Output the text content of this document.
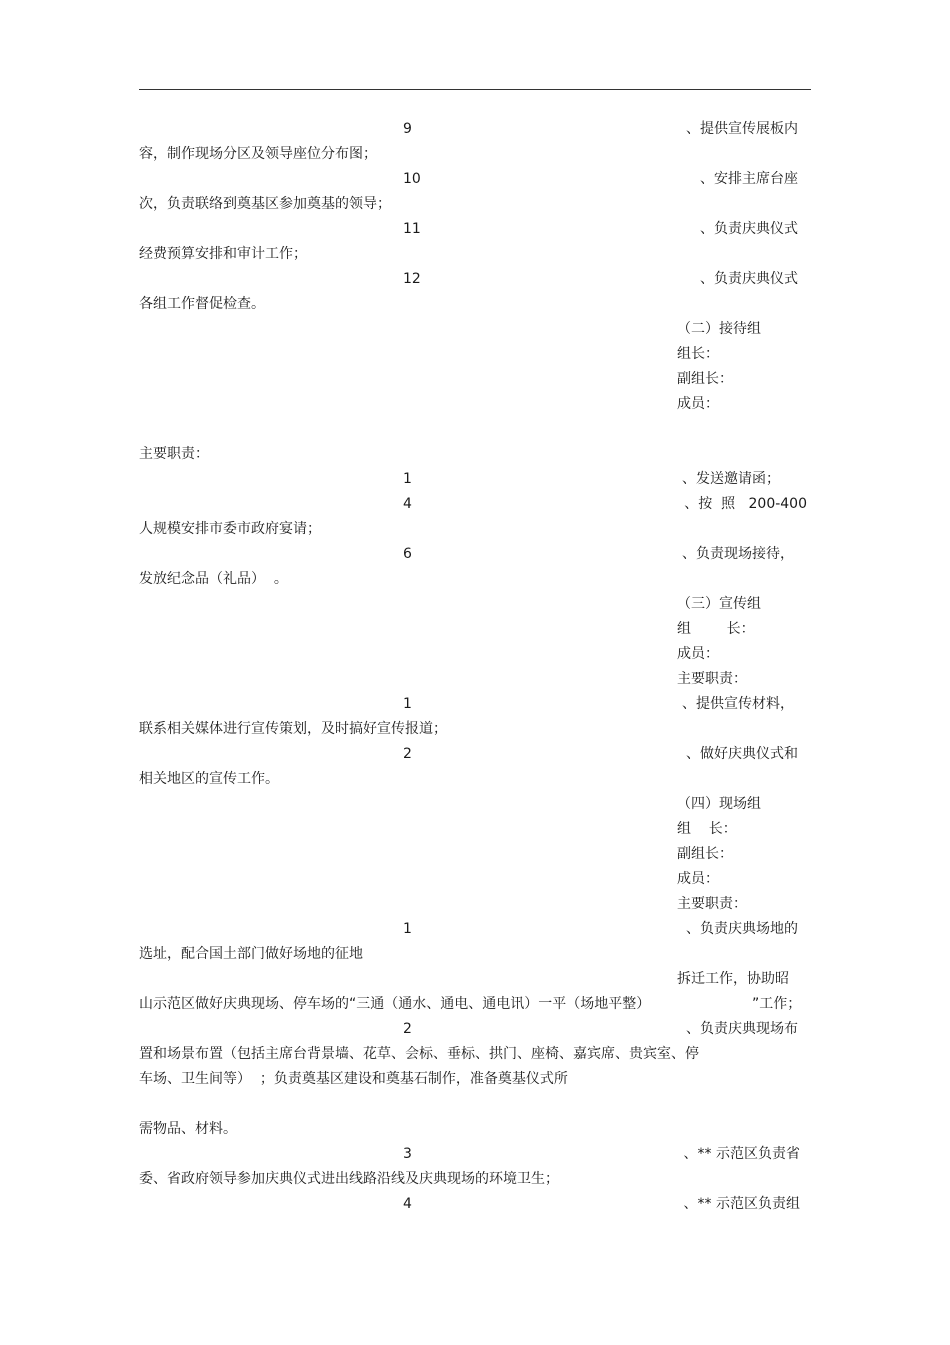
9	、提供宣传展板内
容，制作现场分区及领导座位分布图；
10	、安排主席台座
次，负责联络到奠基区参加奠基的领导；
11	、负责庆典仪式
经费预算安排和审计工作；
12	、负责庆典仪式
各组工作督促检查。
（二）接待组
组长：
副组长：
成员：
主要职责：
1	、发送邀请函；
4	、按  照   200-400
人规模安排市委市政府宴请；
6	、负责现场接待，
发放纪念品（礼品）  。
（三）宣传组
组        长：
成员：
主要职责：
1	、提供宣传材料，
联系相关媒体进行宣传策划，及时搞好宣传报道；
2	、做好庆典仪式和
相关地区的宣传工作。
（四）现场组
组    长：
副组长：
成员：
主要职责：
1	、负责庆典场地的
选址，配合国土部门做好场地的征地
拆迁工作，协助昭
山示范区做好庆典现场、停车场的“三通（通水、通电、通电讯）一平（场地平整）	”工作；
2	、负责庆典现场布
置和场景布置（包括主席台背景墙、花草、会标、垂标、拱门、座椅、嘉宾席、贵宾室、停
车场、卫生间等）  ；负责奠基区建设和奠基石制作，准备奠基仪式所
需物品、材料。
3	、** 示范区负责省
委、省政府领导参加庆典仪式进出线路沿线及庆典现场的环境卫生；
4	、** 示范区负责组
